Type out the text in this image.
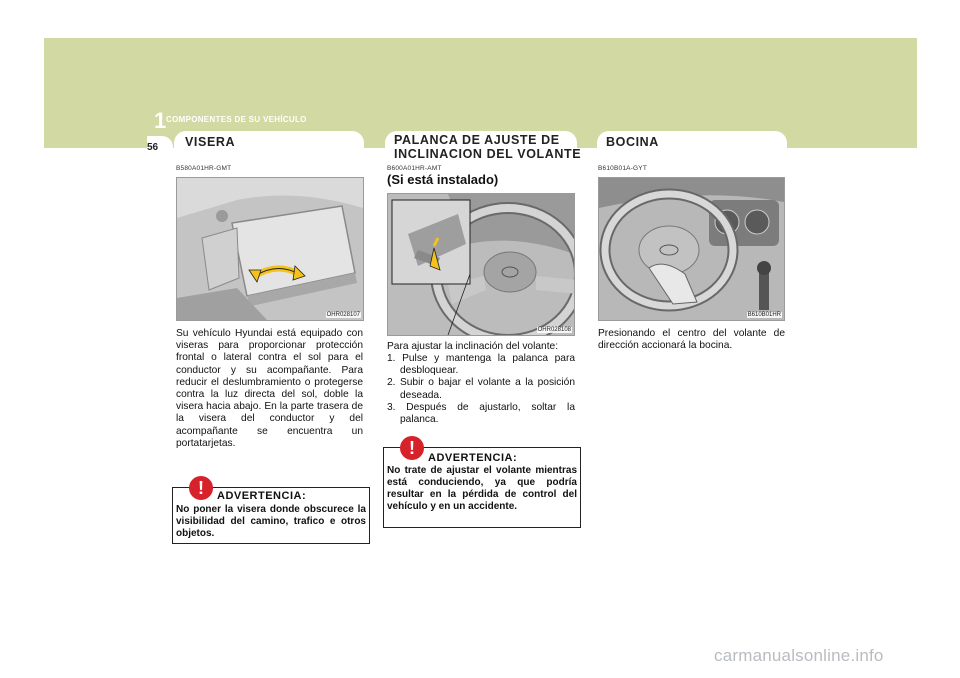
1 COMPONENTES DE SU VEHÍCULO
56 VISERA
B580A01HR-GMT
OHR028107
Su vehículo Hyundai está equipado con viseras para proporcionar protección frontal o lateral contra el sol para el conductor y su acompañante. Para reducir el deslumbramiento o protegerse contra la luz directa del sol, doble la visera hacia abajo. En la parte trasera de la visera del conductor y del acompañante se encuentra un portatarjetas.
!	ADVERTENCIA:
No poner la visera donde obscurece la visibilidad del camino, trafico e otros objetos.
PALANCA DE AJUSTE DE
INCLINACION DEL VOLANTE
B600A01HR-AMT
(Si está instalado)
OHR028108
Para ajustar la inclinación del volante:
1. Pulse y mantenga la palanca para desbloquear.
2. Subir o bajar el volante a la posición deseada.
3. Después de ajustarlo, soltar la palanca.
!	ADVERTENCIA:
No trate de ajustar el volante mientras está conduciendo, ya que podría resultar en la pérdida de control del vehículo y en un accidente.
BOCINA
B610B01A-GYT
B610B01HR
Presionando el centro del volante de dirección accionará la bocina.
carmanualsonline.info
